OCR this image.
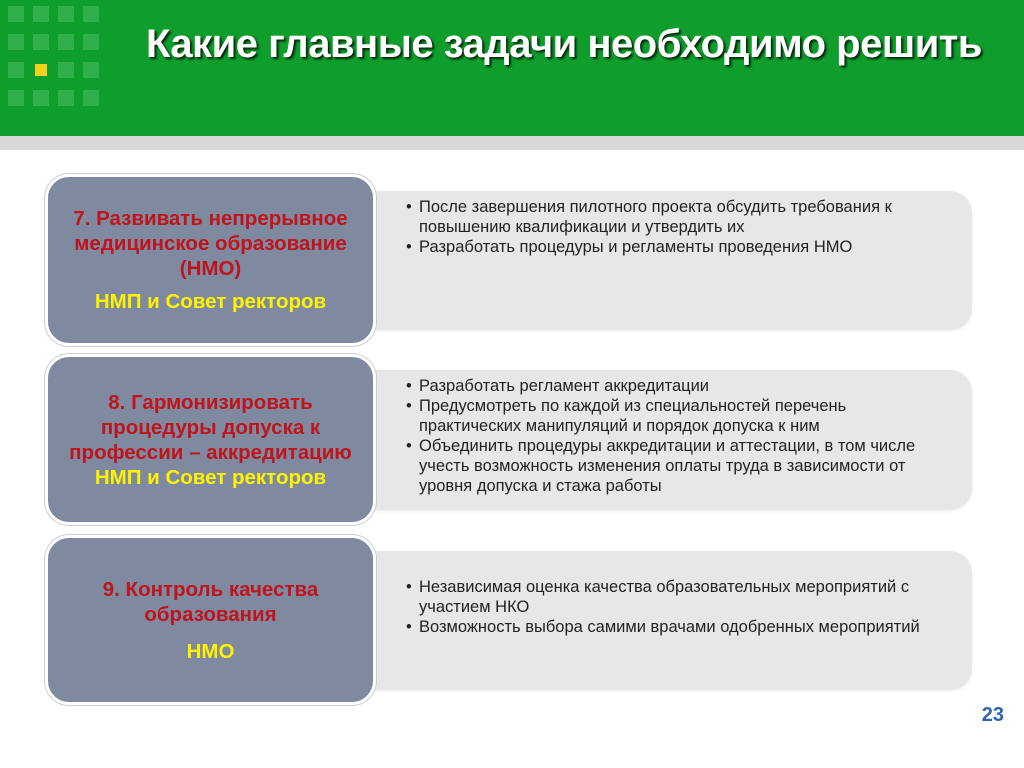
Какие главные задачи необходимо решить
• После завершения пилотного проекта обсудить требования к повышению квалификации и утвердить их
• Разработать процедуры и регламенты проведения НМО
7. Развивать непрерывное медицинское образование (НМО)
НМП и Совет ректоров
• Разработать регламент аккредитации
• Предусмотреть по каждой из специальностей перечень практических манипуляций и порядок допуска к ним
• Объединить процедуры аккредитации и аттестации, в том числе учесть возможность изменения оплаты труда в зависимости от уровня допуска и стажа работы
8. Гармонизировать процедуры допуска к профессии – аккредитацию НМП и Совет ректоров
• Независимая оценка качества образовательных мероприятий с участием НКО
• Возможность выбора самими врачами одобренных мероприятий
9. Контроль качества образования
НМО
23
